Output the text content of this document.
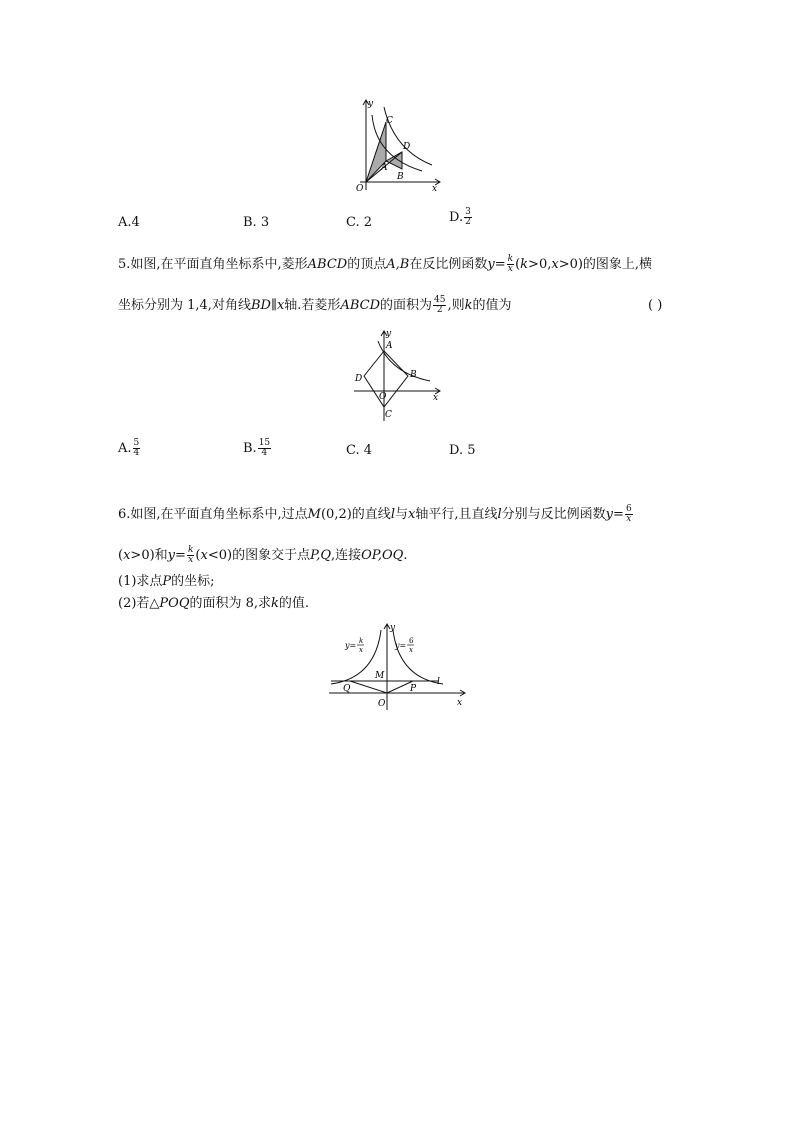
y
C
D
A
B
O	x
A.4	B. 3	C. 2	D. $\frac{3}{2}$
5.如图,在平面直角坐标系中,菱形ABCD的顶点A,B在反比例函数$y= \frac{k}{x} (k>0,x>0)$的图象上,横
坐标分别为 1,4,对角线BD∥x轴.若菱形ABCD的面积为 $\frac{45}{2}$ ,则k的值为	( )
y
A
D	B
O
C
x
A. $\frac{5}{4}$	B. $\frac{15}{4}$	C. 4	D. 5
6.如图,在平面直角坐标系中,过点M(0,2)的直线l与x轴平行,且直线l分别与反比例函数$y= \frac{6}{x}$
(x>0)和$y= \frac{k}{x} (x<0)$的图象交于点P,Q,连接OP,OQ.
(1)求点P的坐标;
(2)若△POQ的面积为 8,求k的值.
y
x
M
O
Q	P
l
y= k
x	y= 6
x
